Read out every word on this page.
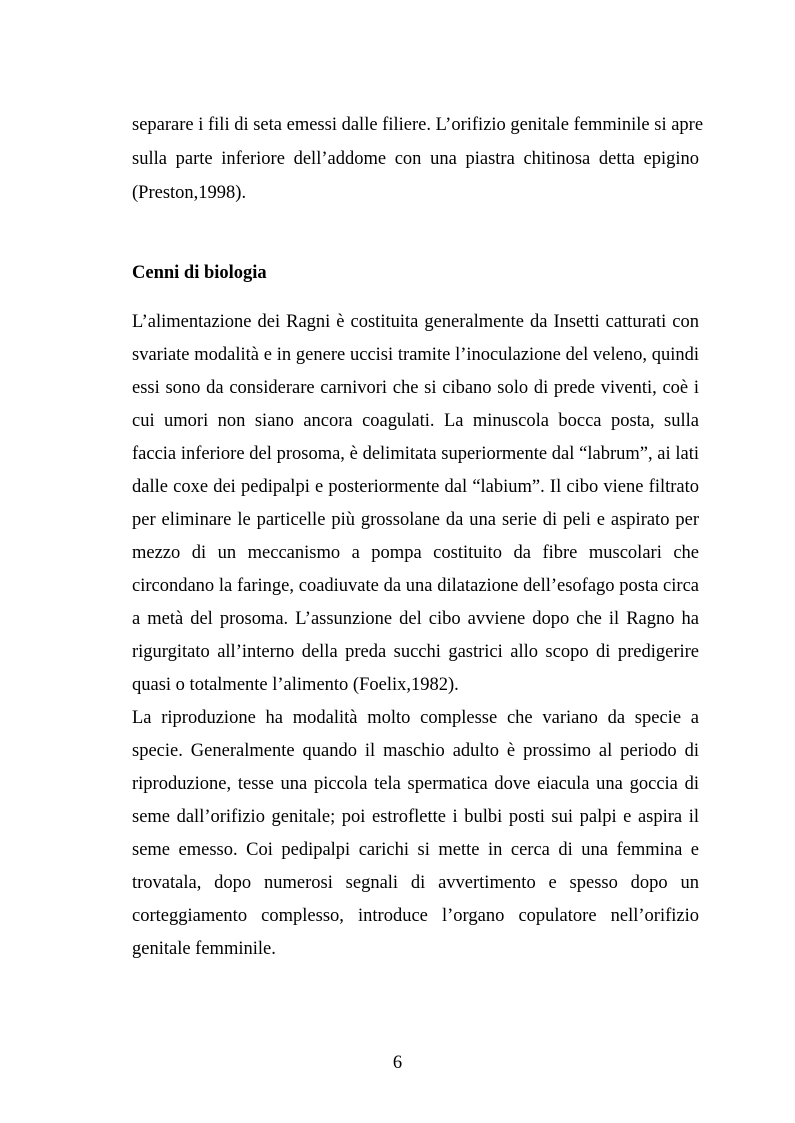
separare i fili di seta emessi dalle filiere. L’orifizio genitale femminile si apre
sulla parte inferiore dell’addome con una piastra chitinosa detta epigino
(Preston,1998).
Cenni di biologia
L’alimentazione dei Ragni è costituita generalmente da Insetti catturati con
svariate modalità e in genere uccisi tramite l’inoculazione del veleno, quindi
essi sono da considerare carnivori che si cibano solo di prede viventi, coè i
cui umori non siano ancora coagulati. La minuscola bocca posta, sulla
faccia inferiore del prosoma, è delimitata superiormente dal “labrum”, ai lati
dalle coxe dei pedipalpi e posteriormente dal “labium”. Il cibo viene filtrato
per eliminare le particelle più grossolane da una serie di peli e aspirato per
mezzo di un meccanismo a pompa costituito da fibre muscolari che
circondano la faringe, coadiuvate da una dilatazione dell’esofago posta circa
a metà del prosoma. L’assunzione del cibo avviene dopo che il Ragno ha
rigurgitato all’interno della preda succhi gastrici allo scopo di predigerire
quasi o totalmente l’alimento (Foelix,1982).
La riproduzione ha modalità molto complesse che variano da specie a
specie. Generalmente quando il maschio adulto è prossimo al periodo di
riproduzione, tesse una piccola tela spermatica dove eiacula una goccia di
seme dall’orifizio genitale; poi estroflette i bulbi posti sui palpi e aspira il
seme emesso. Coi pedipalpi carichi si mette in cerca di una femmina e
trovatala, dopo numerosi segnali di avvertimento e spesso dopo un
corteggiamento complesso, introduce l’organo copulatore nell’orifizio
genitale femminile.
6
